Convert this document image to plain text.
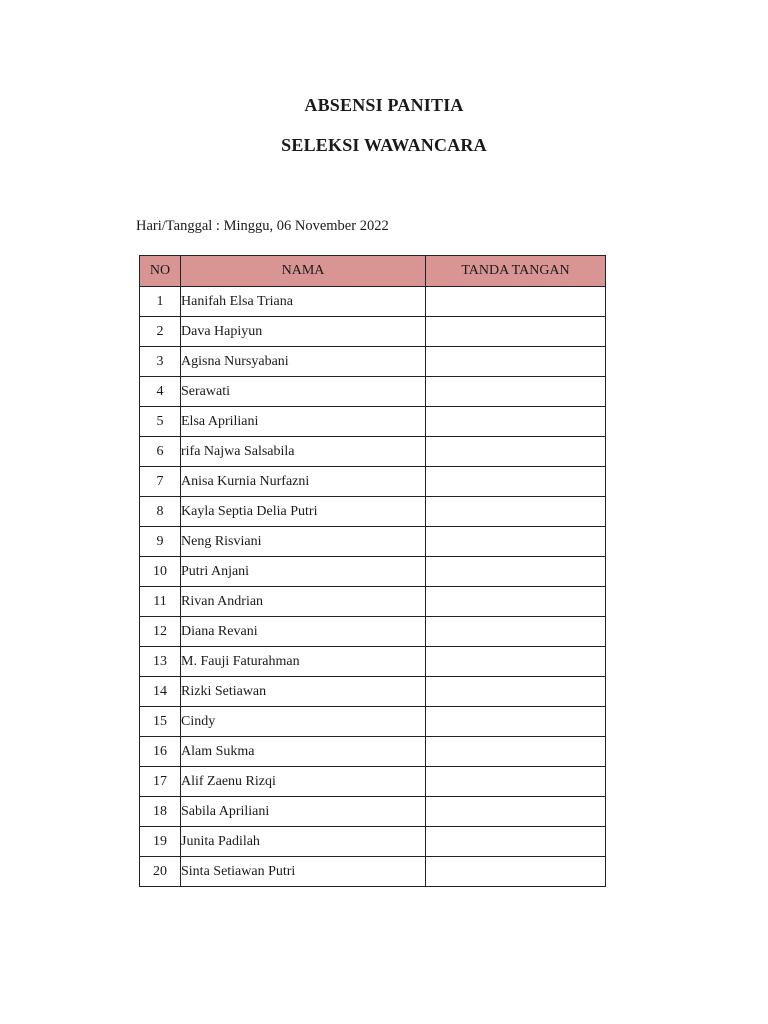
ABSENSI PANITIA
SELEKSI WAWANCARA
Hari/Tanggal : Minggu, 06 November 2022
NO	NAMA	TANDA TANGAN
1	Hanifah Elsa Triana	
2	Dava Hapiyun	
3	Agisna Nursyabani	
4	Serawati	
5	Elsa Apriliani	
6	rifa Najwa Salsabila	
7	Anisa Kurnia Nurfazni	
8	Kayla Septia Delia Putri	
9	Neng Risviani	
10	Putri Anjani	
11	Rivan Andrian	
12	Diana Revani	
13	M. Fauji Faturahman	
14	Rizki Setiawan	
15	Cindy	
16	Alam Sukma	
17	Alif Zaenu Rizqi	
18	Sabila Apriliani	
19	Junita Padilah	
20	Sinta Setiawan Putri	
